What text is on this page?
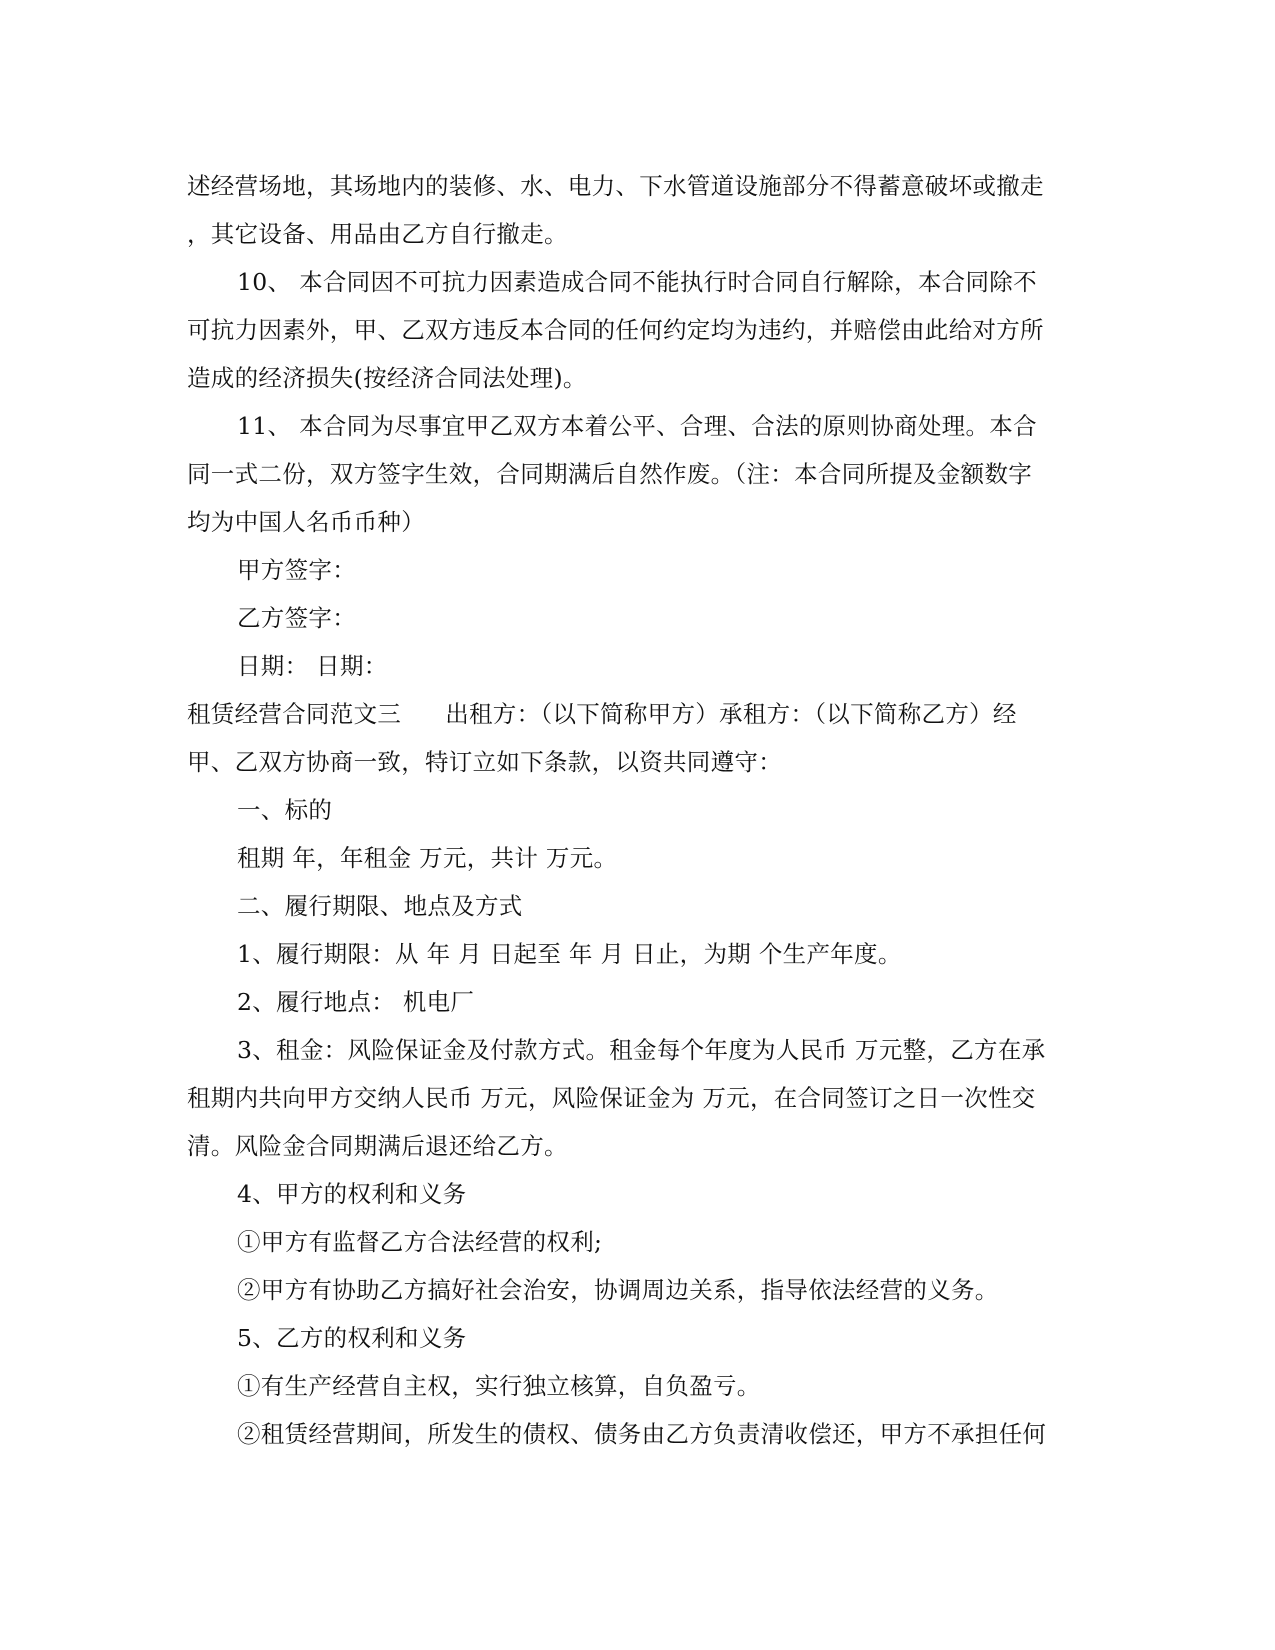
述经营场地，其场地内的装修、水、电力、下水管道设施部分不得蓄意破坏或撤走
，其它设备、用品由乙方自行撤走。
10、 本合同因不可抗力因素造成合同不能执行时合同自行解除，本合同除不
可抗力因素外，甲、乙双方违反本合同的任何约定均为违约，并赔偿由此给对方所
造成的经济损失(按经济合同法处理)。
11、 本合同为尽事宜甲乙双方本着公平、合理、合法的原则协商处理。本合
同一式二份，双方签字生效，合同期满后自然作废。（注：本合同所提及金额数字
均为中国人名币币种）
甲方签字：
乙方签字：
日期： 日期：
租赁经营合同范文三 出租方：（以下简称甲方）承租方：（以下简称乙方）经
甲、乙双方协商一致，特订立如下条款，以资共同遵守：
一、标的
租期 年，年租金 万元，共计 万元。
二、履行期限、地点及方式
1、履行期限：从 年 月 日起至 年 月 日止，为期 个生产年度。
2、履行地点： 机电厂
3、租金：风险保证金及付款方式。租金每个年度为人民币 万元整，乙方在承
租期内共向甲方交纳人民币 万元，风险保证金为 万元，在合同签订之日一次性交
清。风险金合同期满后退还给乙方。
4、甲方的权利和义务
①甲方有监督乙方合法经营的权利;
②甲方有协助乙方搞好社会治安，协调周边关系，指导依法经营的义务。
5、乙方的权利和义务
①有生产经营自主权，实行独立核算，自负盈亏。
②租赁经营期间，所发生的债权、债务由乙方负责清收偿还，甲方不承担任何
